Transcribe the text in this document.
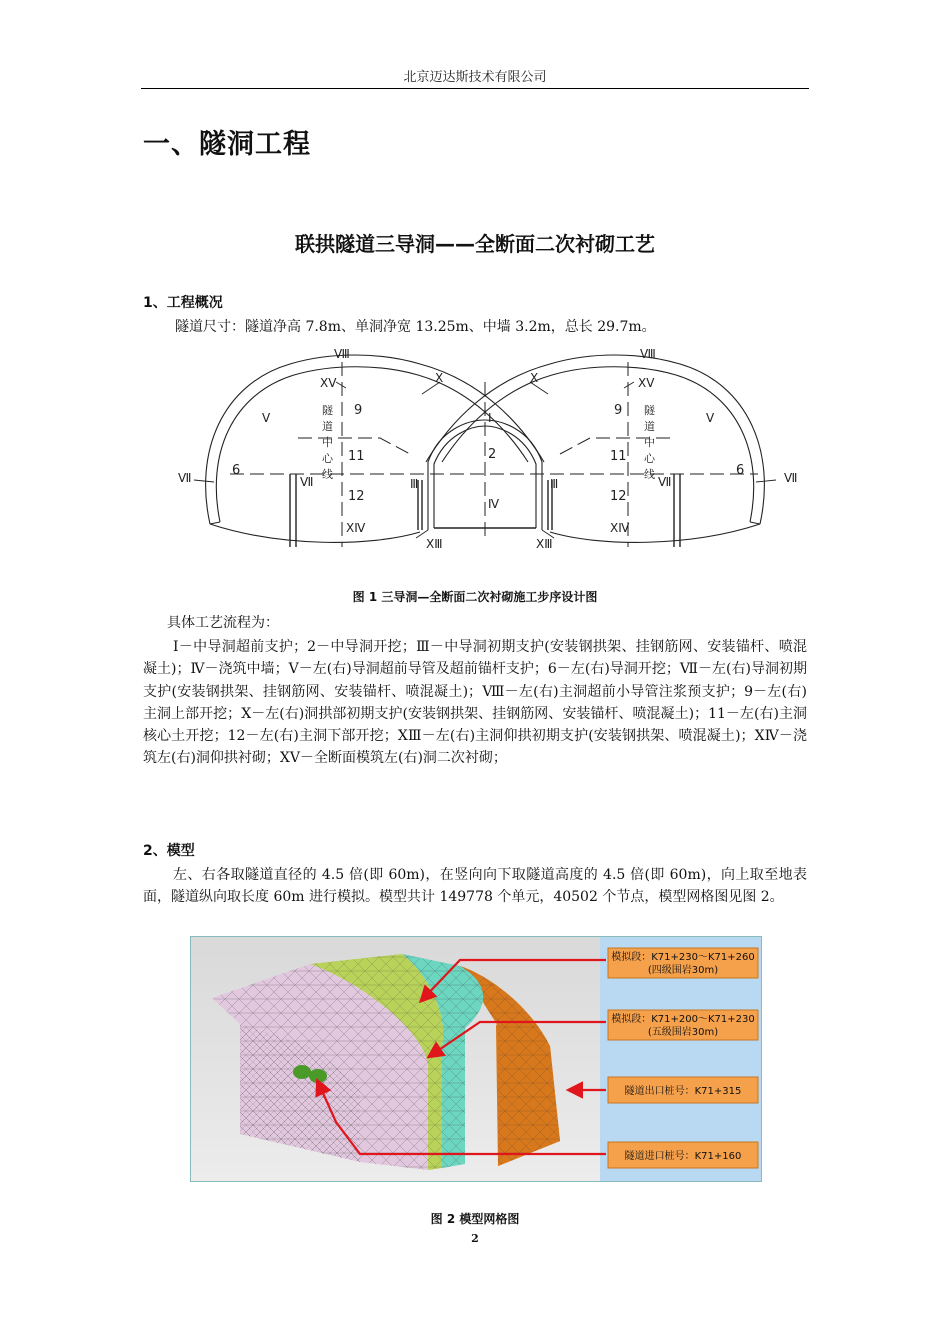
北京迈达斯技术有限公司
一、隧洞工程
联拱隧道三导洞——全断面二次衬砌工艺
1、工程概况
隧道尺寸：隧道净高 7.8m、单洞净宽 13.25m、中墙 3.2m，总长 29.7m。
Ⅷ	Ⅷ
ⅩⅤ	ⅩⅤ
Ⅹ	Ⅹ
Ⅴ	Ⅴ
Ⅶ	Ⅶ
Ⅶ	Ⅶ
Ⅲ	Ⅲ
Ⅰ
Ⅳ
ⅩⅣ	ⅩⅣ
ⅩⅢ	ⅩⅢ
9	9
11	11
12	12
6	6
2
隧
道
中
心
线
隧
道
中
心
线
图 1 三导洞—全断面二次衬砌施工步序设计图
具体工艺流程为：
Ⅰ－中导洞超前支护；2－中导洞开挖；Ⅲ－中导洞初期支护(安装钢拱架、挂钢筋网、安装锚杆、喷混凝土)；Ⅳ－浇筑中墙；Ⅴ－左(右)导洞超前导管及超前锚杆支护；6－左(右)导洞开挖；Ⅶ－左(右)导洞初期支护(安装钢拱架、挂钢筋网、安装锚杆、喷混凝土)；Ⅷ－左(右)主洞超前小导管注浆预支护；9－左(右)主洞上部开挖；Ⅹ－左(右)洞拱部初期支护(安装钢拱架、挂钢筋网、安装锚杆、喷混凝土)；11－左(右)主洞核心土开挖；12－左(右)主洞下部开挖；ⅩⅢ－左(右)主洞仰拱初期支护(安装钢拱架、喷混凝土)；ⅩⅣ－浇筑左(右)洞仰拱衬砌；ⅩⅤ－全断面模筑左(右)洞二次衬砌；
2、模型
左、右各取隧道直径的 4.5 倍(即 60m)，在竖向向下取隧道高度的 4.5 倍(即 60m)，向上取至地表面，隧道纵向取长度 60m 进行模拟。模型共计 149778 个单元，40502 个节点，模型网格图见图 2。
模拟段：K71+230～K71+260
(四级围岩30m)
模拟段：K71+200～K71+230
(五级围岩30m)
隧道出口桩号：K71+315
隧道进口桩号：K71+160
图 2 模型网格图
2
